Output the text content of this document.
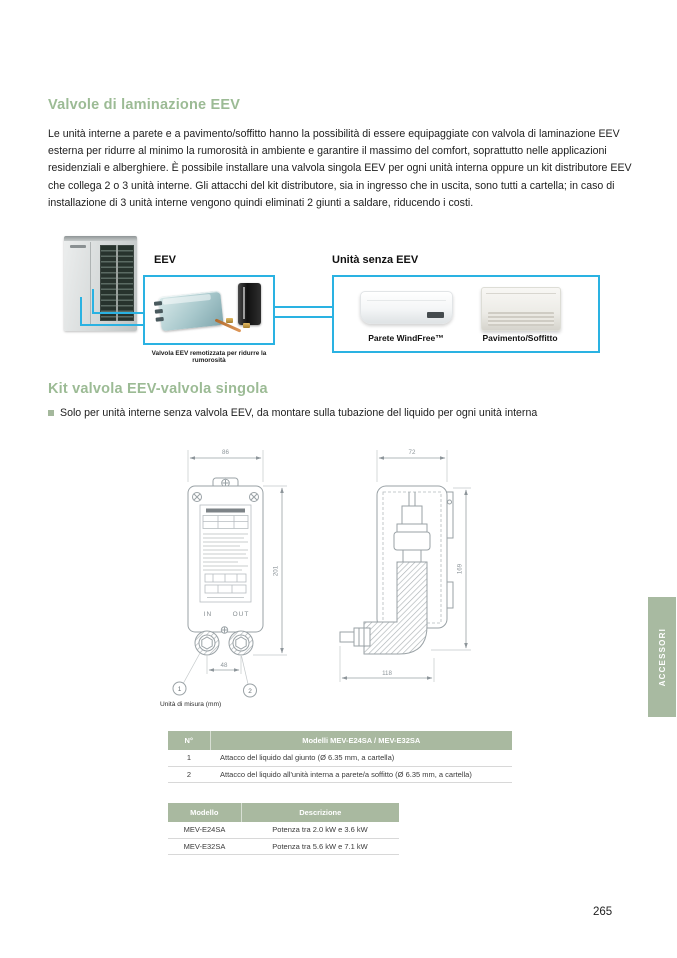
Valvole di laminazione EEV
Le unità interne a parete e a pavimento/soffitto hanno la possibilità di essere equipaggiate con valvola di laminazione EEV esterna per ridurre al minimo la rumorosità in ambiente e garantire il massimo del comfort, soprattutto nelle applicazioni residenziali e alberghiere. È possibile installare una valvola singola EEV per ogni unità interna oppure un kit distributore EEV che collega 2 o 3 unità interne. Gli attacchi del kit distributore, sia in ingresso che in uscita, sono tutti a cartella; in caso di installazione di 3 unità interne vengono quindi eliminati 2 giunti a saldare, riducendo i costi.
EEV
Valvola EEV remotizzata per ridurre la rumorosità
Unità senza EEV
Parete WindFree™	Pavimento/Soffitto
Kit valvola EEV-valvola singola
Solo per unità interne senza valvola EEV, da montare sulla tubazione del liquido per ogni unità interna
86
IN	OUT
201
48
1	2
72
169
118
Unità di misura (mm)
N°	Modelli MEV-E24SA / MEV-E32SA
1	Attacco del liquido dal giunto (Ø 6.35 mm, a cartella)
2	Attacco del liquido all'unità interna a parete/a soffitto (Ø 6.35 mm, a cartella)
Modello	Descrizione
MEV-E24SA	Potenza tra 2.0 kW e 3.6 kW
MEV-E32SA	Potenza tra 5.6 kW e 7.1 kW
ACCESSORI
265
